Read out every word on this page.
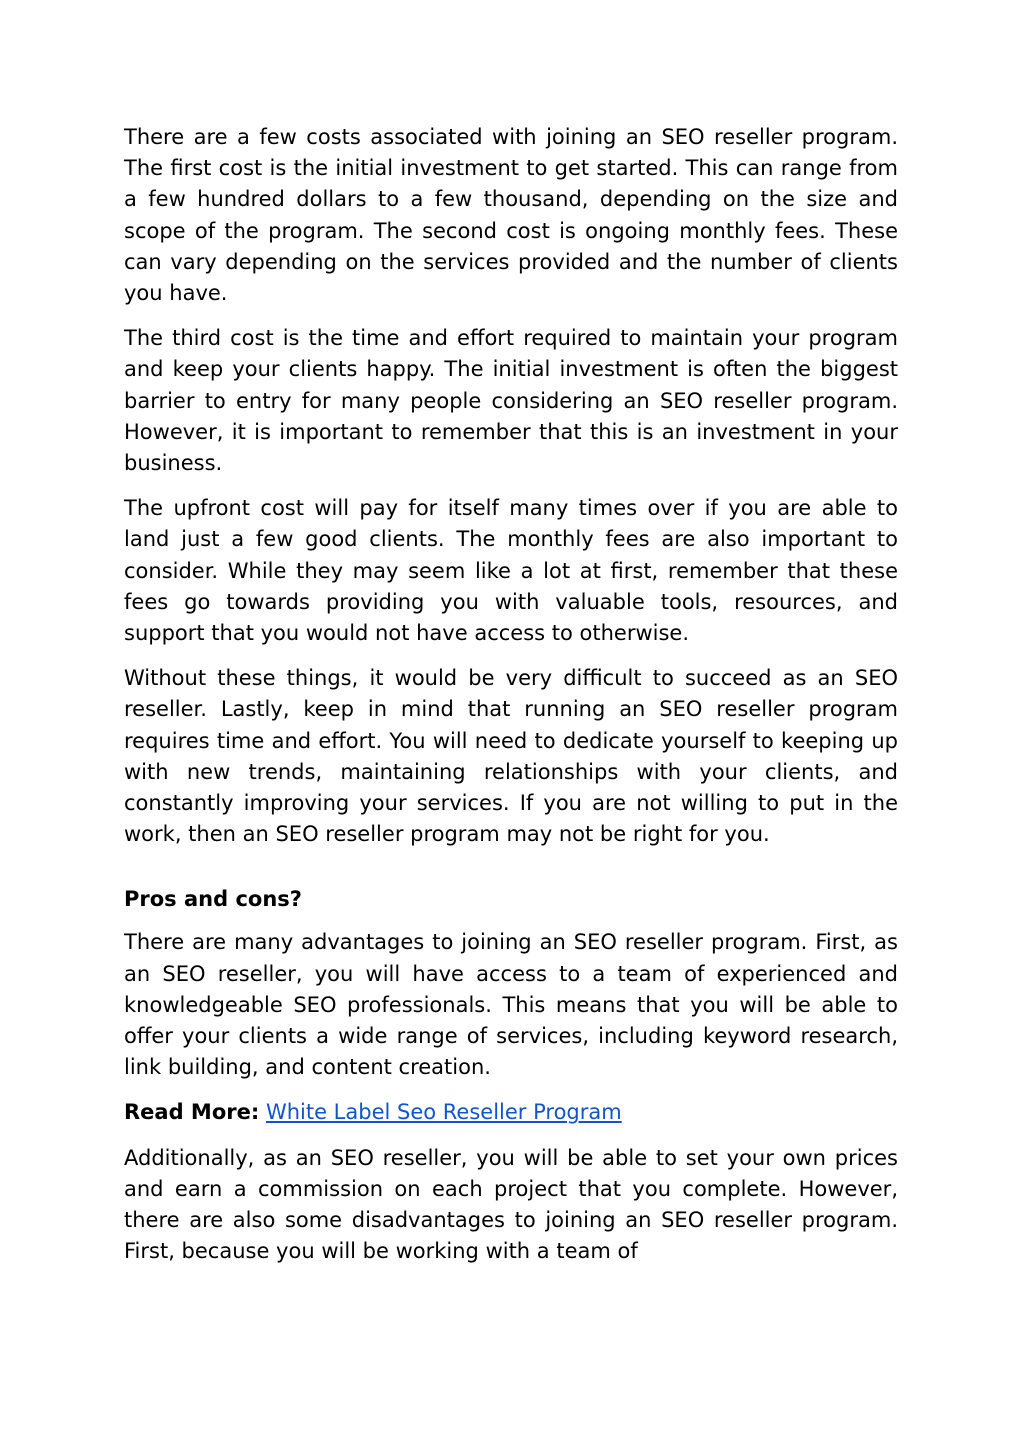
There are a few costs associated with joining an SEO reseller program. The first cost is the initial investment to get started. This can range from a few hundred dollars to a few thousand, depending on the size and scope of the program. The second cost is ongoing monthly fees. These can vary depending on the services provided and the number of clients you have.

The third cost is the time and effort required to maintain your program and keep your clients happy. The initial investment is often the biggest barrier to entry for many people considering an SEO reseller program. However, it is important to remember that this is an investment in your business.

The upfront cost will pay for itself many times over if you are able to land just a few good clients. The monthly fees are also important to consider. While they may seem like a lot at first, remember that these fees go towards providing you with valuable tools, resources, and support that you would not have access to otherwise.

Without these things, it would be very difficult to succeed as an SEO reseller. Lastly, keep in mind that running an SEO reseller program requires time and effort. You will need to dedicate yourself to keeping up with new trends, maintaining relationships with your clients, and constantly improving your services. If you are not willing to put in the work, then an SEO reseller program may not be right for you.

Pros and cons?

There are many advantages to joining an SEO reseller program. First, as an SEO reseller, you will have access to a team of experienced and knowledgeable SEO professionals. This means that you will be able to offer your clients a wide range of services, including keyword research, link building, and content creation.

Read More: White Label Seo Reseller Program

Additionally, as an SEO reseller, you will be able to set your own prices and earn a commission on each project that you complete. However, there are also some disadvantages to joining an SEO reseller program. First, because you will be working with a team of
